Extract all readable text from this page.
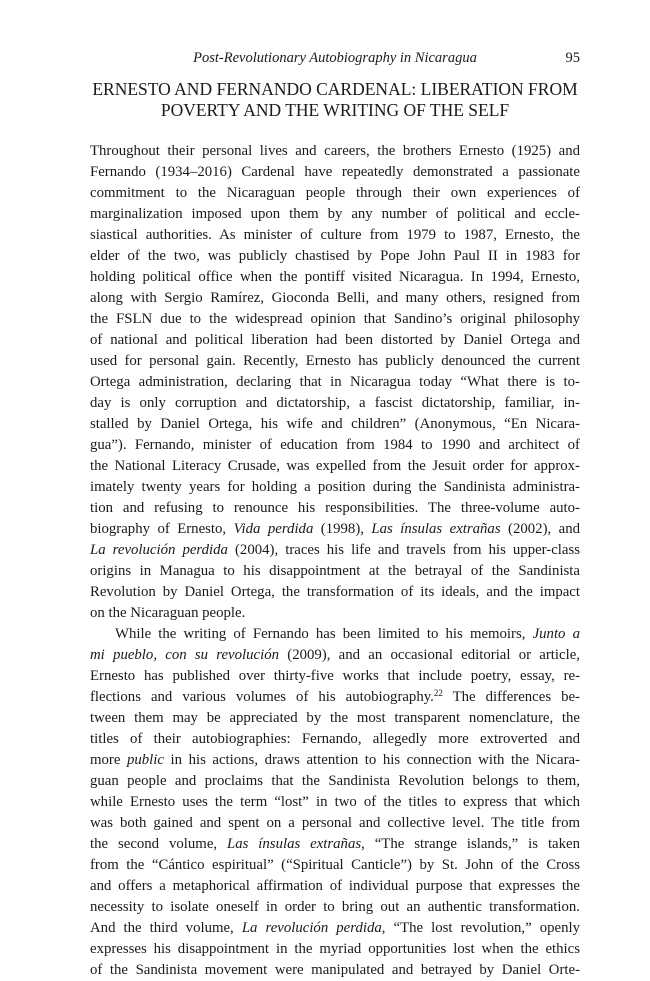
Post-Revolutionary Autobiography in Nicaragua	95
ERNESTO AND FERNANDO CARDENAL: LIBERATION FROM
POVERTY AND THE WRITING OF THE SELF
Throughout their personal lives and careers, the brothers Ernesto (1925) and
Fernando (1934–2016) Cardenal have repeatedly demonstrated a passionate
commitment to the Nicaraguan people through their own experiences of
marginalization imposed upon them by any number of political and eccle-
siastical authorities. As minister of culture from 1979 to 1987, Ernesto, the
elder of the two, was publicly chastised by Pope John Paul II in 1983 for
holding political office when the pontiff visited Nicaragua. In 1994, Ernesto,
along with Sergio Ramírez, Gioconda Belli, and many others, resigned from
the FSLN due to the widespread opinion that Sandino’s original philosophy
of national and political liberation had been distorted by Daniel Ortega and
used for personal gain. Recently, Ernesto has publicly denounced the current
Ortega administration, declaring that in Nicaragua today “What there is to-
day is only corruption and dictatorship, a fascist dictatorship, familiar, in-
stalled by Daniel Ortega, his wife and children” (Anonymous, “En Nicara-
gua”). Fernando, minister of education from 1984 to 1990 and architect of
the National Literacy Crusade, was expelled from the Jesuit order for approx-
imately twenty years for holding a position during the Sandinista administra-
tion and refusing to renounce his responsibilities. The three-volume auto-
biography of Ernesto, Vida perdida (1998), Las ínsulas extrañas (2002), and
La revolución perdida (2004), traces his life and travels from his upper-class
origins in Managua to his disappointment at the betrayal of the Sandinista
Revolution by Daniel Ortega, the transformation of its ideals, and the impact
on the Nicaraguan people.
While the writing of Fernando has been limited to his memoirs, Junto a
mi pueblo, con su revolución (2009), and an occasional editorial or article,
Ernesto has published over thirty-five works that include poetry, essay, re-
flections and various volumes of his autobiography.$^{22}$ The differences be-
tween them may be appreciated by the most transparent nomenclature, the
titles of their autobiographies: Fernando, allegedly more extroverted and
more public in his actions, draws attention to his connection with the Nicara-
guan people and proclaims that the Sandinista Revolution belongs to them,
while Ernesto uses the term “lost” in two of the titles to express that which
was both gained and spent on a personal and collective level. The title from
the second volume, Las ínsulas extrañas, “The strange islands,” is taken
from the “Cántico espiritual” (“Spiritual Canticle”) by St. John of the Cross
and offers a metaphorical affirmation of individual purpose that expresses the
necessity to isolate oneself in order to bring out an authentic transformation.
And the third volume, La revolución perdida, “The lost revolution,” openly
expresses his disappointment in the myriad opportunities lost when the ethics
of the Sandinista movement were manipulated and betrayed by Daniel Orte-
